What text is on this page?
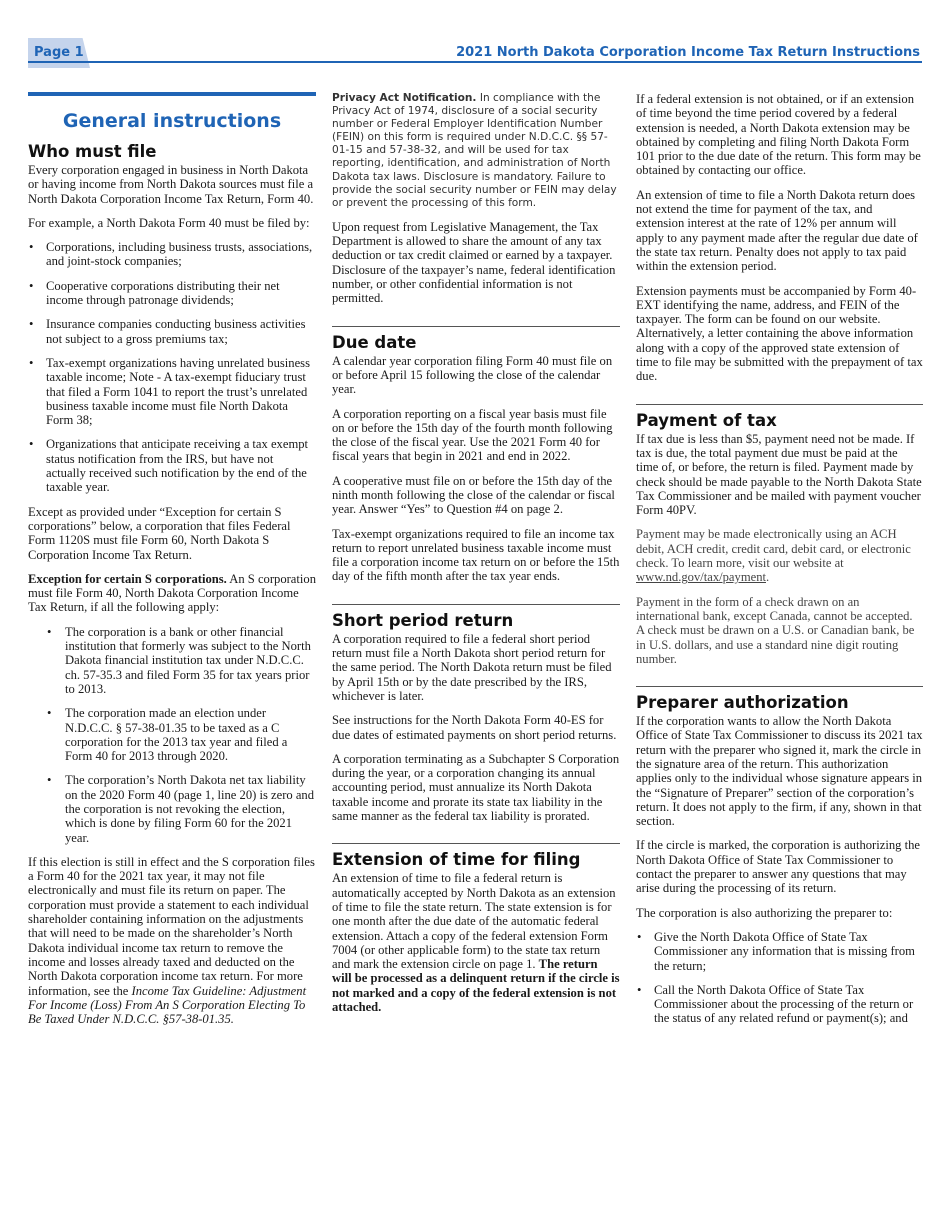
Page 1	2021 North Dakota Corporation Income Tax Return Instructions
General instructions
Who must file

Every corporation engaged in business in North Dakota or having income from North Dakota sources must file a North Dakota Corporation Income Tax Return, Form 40.

For example, a North Dakota Form 40 must be filed by:

• Corporations, including business trusts, associations, and joint-stock companies;
• Cooperative corporations distributing their net income through patronage dividends;
• Insurance companies conducting business activities not subject to a gross premiums tax;
• Tax-exempt organizations having unrelated business taxable income; Note - A tax-exempt fiduciary trust that filed a Form 1041 to report the trust’s unrelated business taxable income must file North Dakota Form 38;
• Organizations that anticipate receiving a tax exempt status notification from the IRS, but have not actually received such notification by the end of the taxable year.

Except as provided under “Exception for certain S corporations” below, a corporation that files Federal Form 1120S must file Form 60, North Dakota S Corporation Income Tax Return.

Exception for certain S corporations. An S corporation must file Form 40, North Dakota Corporation Income Tax Return, if all the following apply:

• The corporation is a bank or other financial institution that formerly was subject to the North Dakota financial institution tax under N.D.C.C. ch. 57-35.3 and filed Form 35 for tax years prior to 2013.
• The corporation made an election under N.D.C.C. § 57-38-01.35 to be taxed as a C corporation for the 2013 tax year and filed a Form 40 for 2013 through 2020.
• The corporation’s North Dakota net tax liability on the 2020 Form 40 (page 1, line 20) is zero and the corporation is not revoking the election, which is done by filing Form 60 for the 2021 year.

If this election is still in effect and the S corporation files a Form 40 for the 2021 tax year, it may not file electronically and must file its return on paper. The corporation must provide a statement to each individual shareholder containing information on the adjustments that will need to be made on the shareholder’s North Dakota individual income tax return to remove the income and losses already taxed and deducted on the North Dakota corporation income tax return. For more information, see the Income Tax Guideline: Adjustment For Income (Loss) From An S Corporation Electing To Be Taxed Under N.D.C.C. §57-38-01.35.

Privacy Act Notification. In compliance with the Privacy Act of 1974, disclosure of a social security number or Federal Employer Identification Number (FEIN) on this form is required under N.D.C.C. §§ 57-01-15 and 57-38-32, and will be used for tax reporting, identification, and administration of North Dakota tax laws. Disclosure is mandatory. Failure to provide the social security number or FEIN may delay or prevent the processing of this form.

Upon request from Legislative Management, the Tax Department is allowed to share the amount of any tax deduction or tax credit claimed or earned by a taxpayer. Disclosure of the taxpayer’s name, federal identification number, or other confidential information is not permitted.

Due date

A calendar year corporation filing Form 40 must file on or before April 15 following the close of the calendar year.

A corporation reporting on a fiscal year basis must file on or before the 15th day of the fourth month following the close of the fiscal year. Use the 2021 Form 40 for fiscal years that begin in 2021 and end in 2022.

A cooperative must file on or before the 15th day of the ninth month following the close of the calendar or fiscal year. Answer “Yes” to Question #4 on page 2.

Tax-exempt organizations required to file an income tax return to report unrelated business taxable income must file a corporation income tax return on or before the 15th day of the fifth month after the tax year ends.

Short period return

A corporation required to file a federal short period return must file a North Dakota short period return for the same period. The North Dakota return must be filed by April 15th or by the date prescribed by the IRS, whichever is later.

See instructions for the North Dakota Form 40-ES for due dates of estimated payments on short period returns.

A corporation terminating as a Subchapter S Corporation during the year, or a corporation changing its annual accounting period, must annualize its North Dakota taxable income and prorate its state tax liability in the same manner as the federal tax liability is prorated.

Extension of time for filing

An extension of time to file a federal return is automatically accepted by North Dakota as an extension of time to file the state return. The state extension is for one month after the due date of the automatic federal extension. Attach a copy of the federal extension Form 7004 (or other applicable form) to the state tax return and mark the extension circle on page 1. The return will be processed as a delinquent return if the circle is not marked and a copy of the federal extension is not attached.

If a federal extension is not obtained, or if an extension of time beyond the time period covered by a federal extension is needed, a North Dakota extension may be obtained by completing and filing North Dakota Form 101 prior to the due date of the return. This form may be obtained by contacting our office.

An extension of time to file a North Dakota return does not extend the time for payment of the tax, and extension interest at the rate of 12% per annum will apply to any payment made after the regular due date of the state tax return. Penalty does not apply to tax paid within the extension period.

Extension payments must be accompanied by Form 40-EXT identifying the name, address, and FEIN of the taxpayer. The form can be found on our website. Alternatively, a letter containing the above information along with a copy of the approved state extension of time to file may be submitted with the prepayment of tax due.

Payment of tax

If tax due is less than $5, payment need not be made. If tax is due, the total payment due must be paid at the time of, or before, the return is filed. Payment made by check should be made payable to the North Dakota State Tax Commissioner and be mailed with payment voucher Form 40PV.

Payment may be made electronically using an ACH debit, ACH credit, credit card, debit card, or electronic check. To learn more, visit our website at www.nd.gov/tax/payment.

Payment in the form of a check drawn on an international bank, except Canada, cannot be accepted. A check must be drawn on a U.S. or Canadian bank, be in U.S. dollars, and use a standard nine digit routing number.

Preparer authorization

If the corporation wants to allow the North Dakota Office of State Tax Commissioner to discuss its 2021 tax return with the preparer who signed it, mark the circle in the signature area of the return. This authorization applies only to the individual whose signature appears in the “Signature of Preparer” section of the corporation’s return. It does not apply to the firm, if any, shown in that section.

If the circle is marked, the corporation is authorizing the North Dakota Office of State Tax Commissioner to contact the preparer to answer any questions that may arise during the processing of its return.

The corporation is also authorizing the preparer to:

• Give the North Dakota Office of State Tax Commissioner any information that is missing from the return;
• Call the North Dakota Office of State Tax Commissioner about the processing of the return or the status of any related refund or payment(s); and
